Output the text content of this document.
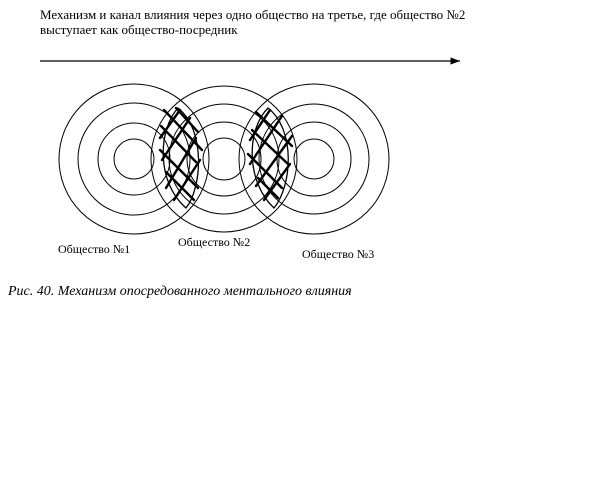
Механизм и канал влияния через одно общество на третье, где общество №2
выступает как общество-посредник
Общество №1	Общество №2
Общество №3
Рис. 40. Механизм опосредованного ментального влияния
